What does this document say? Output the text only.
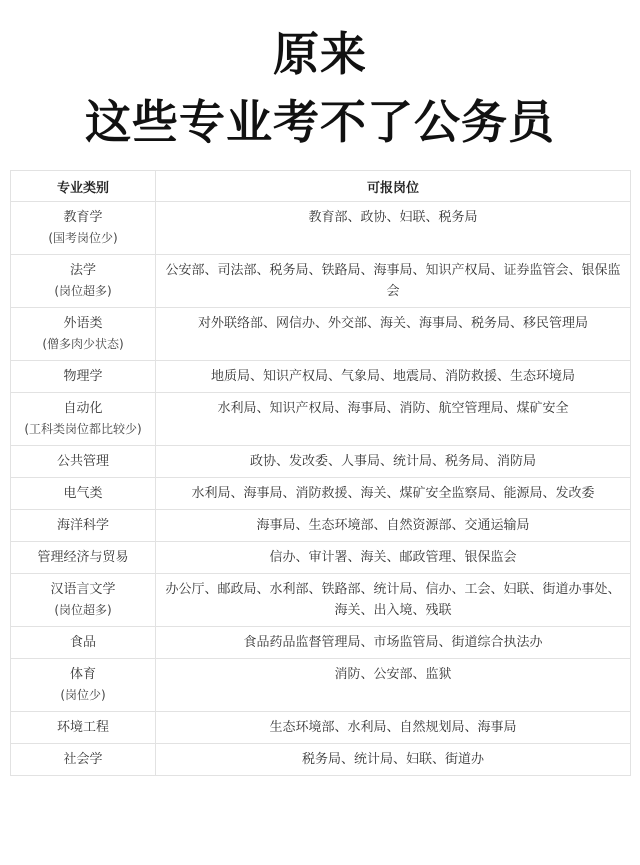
原来
这些专业考不了公务员
专业类别	可报岗位

教育学
(国考岗位少)	教育部、政协、妇联、税务局

法学
(岗位超多)	公安部、司法部、税务局、铁路局、海事局、知识产权局、证券监管会、银保监会

外语类
(僧多肉少状态)	对外联络部、网信办、外交部、海关、海事局、税务局、移民管理局

物理学	地质局、知识产权局、气象局、地震局、消防救援、生态环境局

自动化
(工科类岗位都比较少)	水利局、知识产权局、海事局、消防、航空管理局、煤矿安全

公共管理	政协、发改委、人事局、统计局、税务局、消防局

电气类	水利局、海事局、消防救援、海关、煤矿安全监察局、能源局、发改委

海洋科学	海事局、生态环境部、自然资源部、交通运输局

管理经济与贸易	信办、审计署、海关、邮政管理、银保监会

汉语言文学
(岗位超多)	办公厅、邮政局、水利部、铁路部、统计局、信办、工会、妇联、街道办事处、海关、出入境、残联

食品	食品药品监督管理局、市场监管局、街道综合执法办

体育
(岗位少)	消防、公安部、监狱

环境工程	生态环境部、水利局、自然规划局、海事局

社会学	税务局、统计局、妇联、街道办
